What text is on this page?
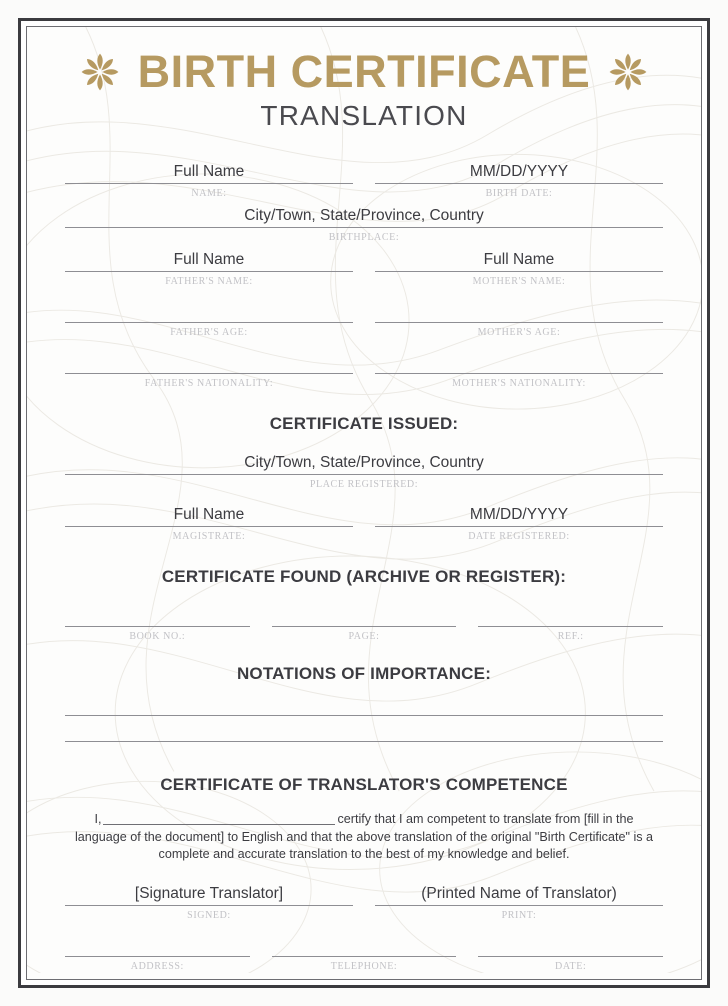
BIRTH CERTIFICATE
TRANSLATION
Full Name
NAME:
MM/DD/YYYY
BIRTH DATE:
City/Town, State/Province, Country
BIRTHPLACE:
Full Name
FATHER'S NAME:
Full Name
MOTHER'S NAME:
FATHER'S AGE:	MOTHER'S AGE:
FATHER'S NATIONALITY:	MOTHER'S NATIONALITY:
CERTIFICATE ISSUED:
City/Town, State/Province, Country
PLACE REGISTERED:
Full Name
MAGISTRATE:
MM/DD/YYYY
DATE REGISTERED:
CERTIFICATE FOUND (ARCHIVE OR REGISTER):
BOOK NO.:	PAGE:	REF.:
NOTATIONS OF IMPORTANCE:
CERTIFICATE OF TRANSLATOR'S COMPETENCE
I,	certify that I am competent to translate from [fill in the language of the document] to English and that the above translation of the original "Birth Certificate" is a complete and accurate translation to the best of my knowledge and belief.
[Signature Translator]
SIGNED:
(Printed Name of Translator)
PRINT:
ADDRESS:	TELEPHONE:	DATE:
